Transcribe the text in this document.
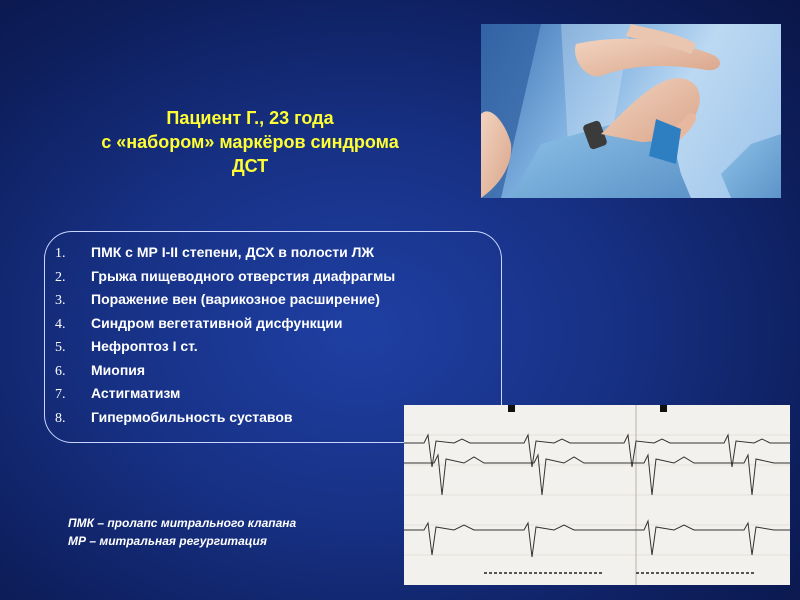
Пациент Г., 23 года
с «набором» маркёров синдрома
ДСТ
1.	ПМК с МР I-II степени, ДСХ в полости ЛЖ
2.	Грыжа пищеводного отверстия диафрагмы
3.	Поражение вен (варикозное расширение)
4.	Синдром вегетативной дисфункции
5.	Нефроптоз I ст.
6.	Миопия
7.	Астигматизм
8.	Гипермобильность суставов
ПМК – пролапс митрального клапана
МР – митральная регургитация
